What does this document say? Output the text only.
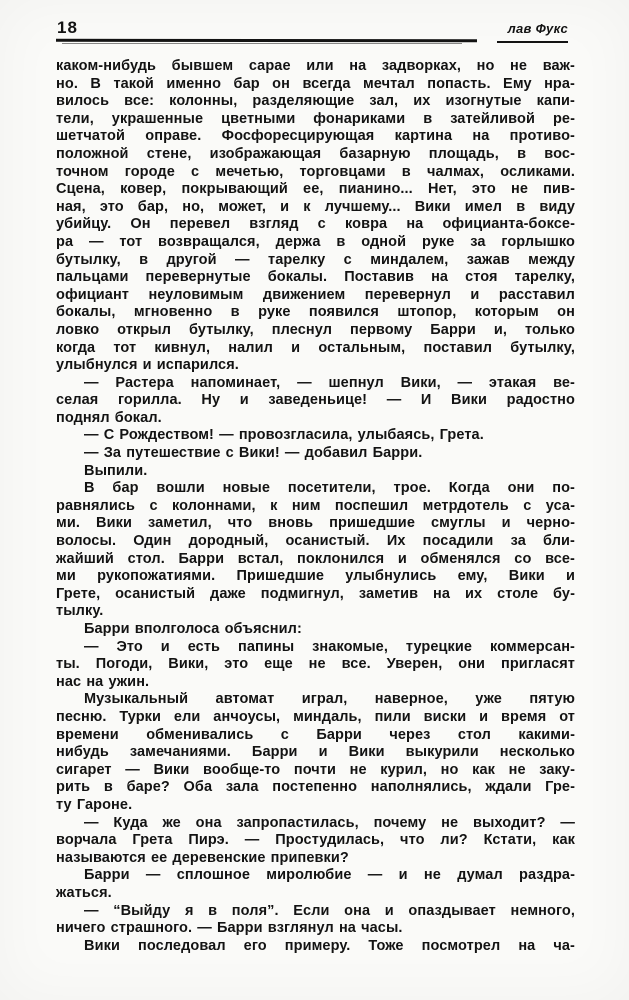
18	лав Фукс
каком-нибудь бывшем сарае или на задворках, но не важ-
но. В такой именно бар он всегда мечтал попасть. Ему нра-
вилось все: колонны, разделяющие зал, их изогнутые капи-
тели, украшенные цветными фонариками в затейливой ре-
шетчатой оправе. Фосфоресцирующая картина на противо-
положной стене, изображающая базарную площадь, в вос-
точном городе с мечетью, торговцами в чалмах, осликами.
Сцена, ковер, покрывающий ее, пианино... Нет, это не пив-
ная, это бар, но, может, и к лучшему... Вики имел в виду
убийцу. Он перевел взгляд с ковра на официанта-боксе-
ра — тот возвращался, держа в одной руке за горлышко
бутылку, в другой — тарелку с миндалем, зажав между
пальцами перевернутые бокалы. Поставив на стоя тарелку,
официант неуловимым движением перевернул и расставил
бокалы, мгновенно в руке появился штопор, которым он
ловко открыл бутылку, плеснул первому Барри и, только
когда тот кивнул, налил и остальным, поставил бутылку,
улыбнулся и испарился.
— Растера напоминает, — шепнул Вики, — этакая ве-
селая горилла. Ну и заведеньице! — И Вики радостно
поднял бокал.
— С Рождеством! — провозгласила, улыбаясь, Грета.
— За путешествие с Вики! — добавил Барри.
Выпили.
В бар вошли новые посетители, трое. Когда они по-
равнялись с колоннами, к ним поспешил метрдотель с уса-
ми. Вики заметил, что вновь пришедшие смуглы и черно-
волосы. Один дородный, осанистый. Их посадили за бли-
жайший стол. Барри встал, поклонился и обменялся со все-
ми рукопожатиями. Пришедшие улыбнулись ему, Вики и
Грете, осанистый даже подмигнул, заметив на их столе бу-
тылку.
Барри вполголоса объяснил:
— Это и есть папины знакомые, турецкие коммерсан-
ты. Погоди, Вики, это еще не все. Уверен, они пригласят
нас на ужин.
Музыкальный автомат играл, наверное, уже пятую
песню. Турки ели анчоусы, миндаль, пили виски и время от
времени обменивались с Барри через стол какими-
нибудь замечаниями. Барри и Вики выкурили несколько
сигарет — Вики вообще-то почти не курил, но как не заку-
рить в баре? Оба зала постепенно наполнялись, ждали Гре-
ту Гароне.
— Куда же она запропастилась, почему не выходит? —
ворчала Грета Пирэ. — Простудилась, что ли? Кстати, как
называются ее деревенские припевки?
Барри — сплошное миролюбие — и не думал раздра-
жаться.
— “Выйду я в поля”. Если она и опаздывает немного,
ничего страшного. — Барри взглянул на часы.
Вики последовал его примеру. Тоже посмотрел на ча-
